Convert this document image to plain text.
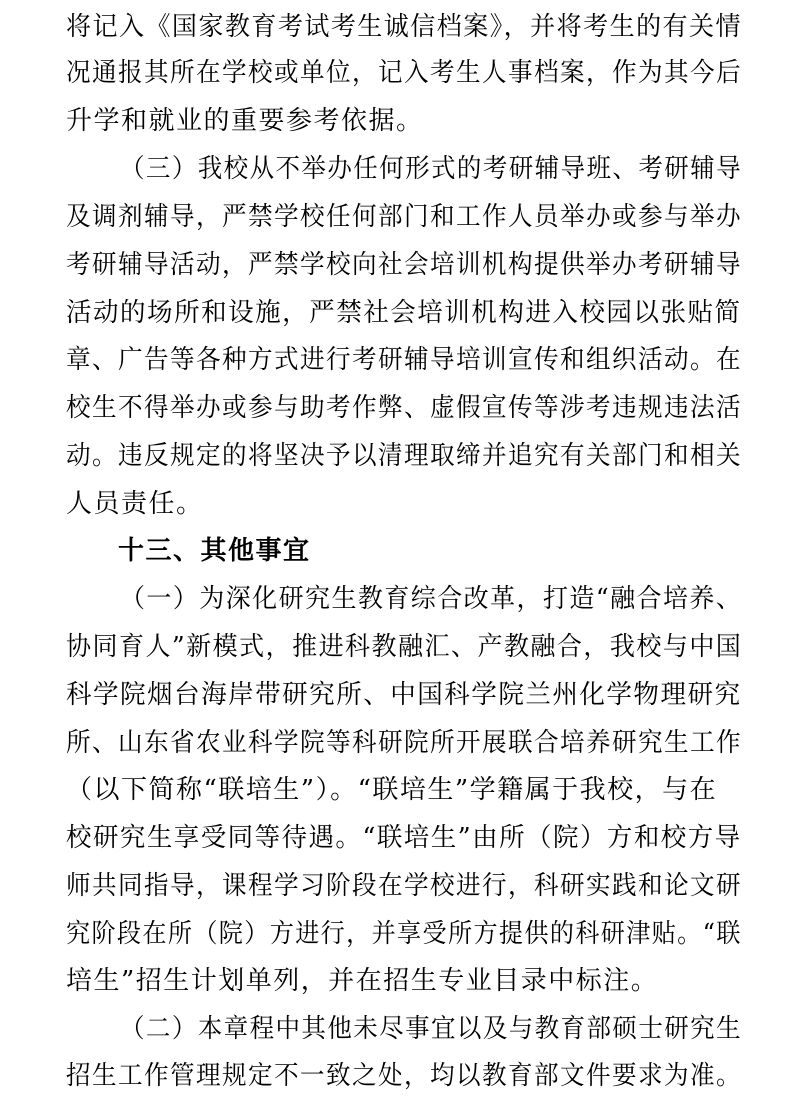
将记入《国家教育考试考生诚信档案》，并将考生的有关情
况通报其所在学校或单位，记入考生人事档案，作为其今后
升学和就业的重要参考依据。
（三）我校从不举办任何形式的考研辅导班、考研辅导
及调剂辅导，严禁学校任何部门和工作人员举办或参与举办
考研辅导活动，严禁学校向社会培训机构提供举办考研辅导
活动的场所和设施，严禁社会培训机构进入校园以张贴简
章、广告等各种方式进行考研辅导培训宣传和组织活动。在
校生不得举办或参与助考作弊、虚假宣传等涉考违规违法活
动。违反规定的将坚决予以清理取缔并追究有关部门和相关
人员责任。
十三、其他事宜
（一）为深化研究生教育综合改革，打造“融合培养、
协同育人”新模式，推进科教融汇、产教融合，我校与中国
科学院烟台海岸带研究所、中国科学院兰州化学物理研究
所、山东省农业科学院等科研院所开展联合培养研究生工作
（以下简称“联培生”）。“联培生”学籍属于我校，与在
校研究生享受同等待遇。“联培生”由所（院）方和校方导
师共同指导，课程学习阶段在学校进行，科研实践和论文研
究阶段在所（院）方进行，并享受所方提供的科研津贴。“联
培生”招生计划单列，并在招生专业目录中标注。
（二）本章程中其他未尽事宜以及与教育部硕士研究生
招生工作管理规定不一致之处，均以教育部文件要求为准。
